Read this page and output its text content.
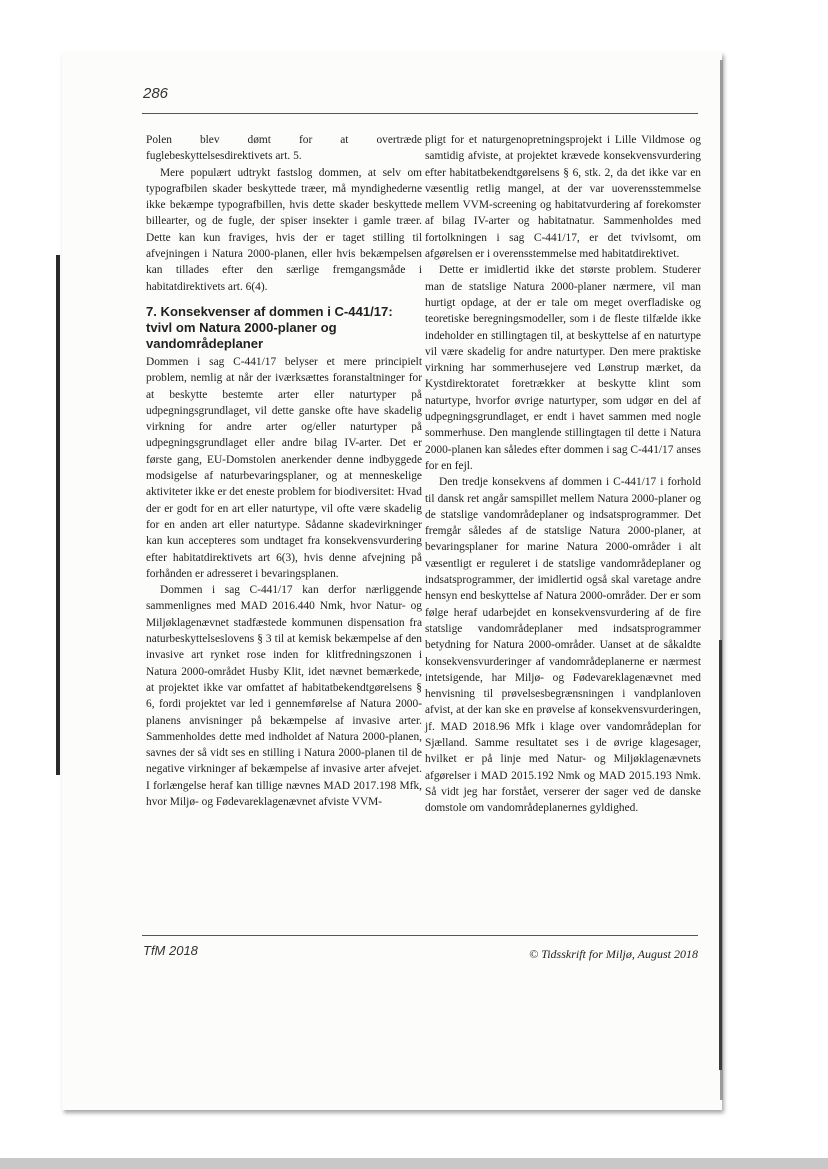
286

Polen blev dømt for at overtræde fuglebeskyttelsesdirektivets art. 5.

Mere populært udtrykt fastslog dommen, at selv om typografbilen skader beskyttede træer, må myndighederne ikke bekæmpe typografbillen, hvis dette skader beskyttede billearter, og de fugle, der spiser insekter i gamle træer. Dette kan kun fraviges, hvis der er taget stilling til afvejningen i Natura 2000-planen, eller hvis bekæmpelsen kan tillades efter den særlige fremgangsmåde i habitatdirektivets art. 6(4).

7. Konsekvenser af dommen i C-441/17: tvivl om Natura 2000-planer og vandområdeplaner

Dommen i sag C-441/17 belyser et mere principielt problem, nemlig at når der iværksættes foranstaltninger for at beskytte bestemte arter eller naturtyper på udpegningsgrundlaget, vil dette ganske ofte have skadelig virkning for andre arter og/eller naturtyper på udpegningsgrundlaget eller andre bilag IV-arter. Det er første gang, EU-Domstolen anerkender denne indbyggede modsigelse af naturbevaringsplaner, og at menneskelige aktiviteter ikke er det eneste problem for biodiversitet: Hvad der er godt for en art eller naturtype, vil ofte være skadelig for en anden art eller naturtype. Sådanne skadevirkninger kan kun accepteres som undtaget fra konsekvensvurdering efter habitatdirektivets art 6(3), hvis denne afvejning på forhånden er adresseret i bevaringsplanen.

Dommen i sag C-441/17 kan derfor nærliggende sammenlignes med MAD 2016.440 Nmk, hvor Natur- og Miljøklagenævnet stadfæstede kommunen dispensation fra naturbeskyttelseslovens § 3 til at kemisk bekæmpelse af den invasive art rynket rose inden for klitfredningszonen i Natura 2000-området Husby Klit, idet nævnet bemærkede, at projektet ikke var omfattet af habitatbekendtgørelsens § 6, fordi projektet var led i gennemførelse af Natura 2000-planens anvisninger på bekæmpelse af invasive arter. Sammenholdes dette med indholdet af Natura 2000-planen, savnes der så vidt ses en stilling i Natura 2000-planen til de negative virkninger af bekæmpelse af invasive arter afvejet. I forlængelse heraf kan tillige nævnes MAD 2017.198 Mfk, hvor Miljø- og Fødevareklagenævnet afviste VVM-

pligt for et naturgenopretningsprojekt i Lille Vildmose og samtidig afviste, at projektet krævede konsekvensvurdering efter habitatbekendtgørelsens § 6, stk. 2, da det ikke var en væsentlig retlig mangel, at der var uoverensstemmelse mellem VVM-screening og habitatvurdering af forekomster af bilag IV-arter og habitatnatur. Sammenholdes med fortolkningen i sag C-441/17, er det tvivlsomt, om afgørelsen er i overensstemmelse med habitatdirektivet.

Dette er imidlertid ikke det største problem. Studerer man de statslige Natura 2000-planer nærmere, vil man hurtigt opdage, at der er tale om meget overfladiske og teoretiske beregningsmodeller, som i de fleste tilfælde ikke indeholder en stillingtagen til, at beskyttelse af en naturtype vil være skadelig for andre naturtyper. Den mere praktiske virkning har sommerhusejere ved Lønstrup mærket, da Kystdirektoratet foretrækker at beskytte klint som naturtype, hvorfor øvrige naturtyper, som udgør en del af udpegningsgrundlaget, er endt i havet sammen med nogle sommerhuse. Den manglende stillingtagen til dette i Natura 2000-planen kan således efter dommen i sag C-441/17 anses for en fejl.

Den tredje konsekvens af dommen i C-441/17 i forhold til dansk ret angår samspillet mellem Natura 2000-planer og de statslige vandområdeplaner og indsatsprogrammer. Det fremgår således af de statslige Natura 2000-planer, at bevaringsplaner for marine Natura 2000-områder i alt væsentligt er reguleret i de statslige vandområdeplaner og indsatsprogrammer, der imidlertid også skal varetage andre hensyn end beskyttelse af Natura 2000-områder. Der er som følge heraf udarbejdet en konsekvensvurdering af de fire statslige vandområdeplaner med indsatsprogrammer betydning for Natura 2000-områder. Uanset at de såkaldte konsekvensvurderinger af vandområdeplanerne er nærmest intetsigende, har Miljø- og Fødevareklagenævnet med henvisning til prøvelsesbegrænsningen i vandplanloven afvist, at der kan ske en prøvelse af konsekvensvurderingen, jf. MAD 2018.96 Mfk i klage over vandområdeplan for Sjælland. Samme resultatet ses i de øvrige klagesager, hvilket er på linje med Natur- og Miljøklagenævnets afgørelser i MAD 2015.192 Nmk og MAD 2015.193 Nmk. Så vidt jeg har forstået, verserer der sager ved de danske domstole om vandområdeplanernes gyldighed.

TfM 2018	© Tidsskrift for Miljø, August 2018
